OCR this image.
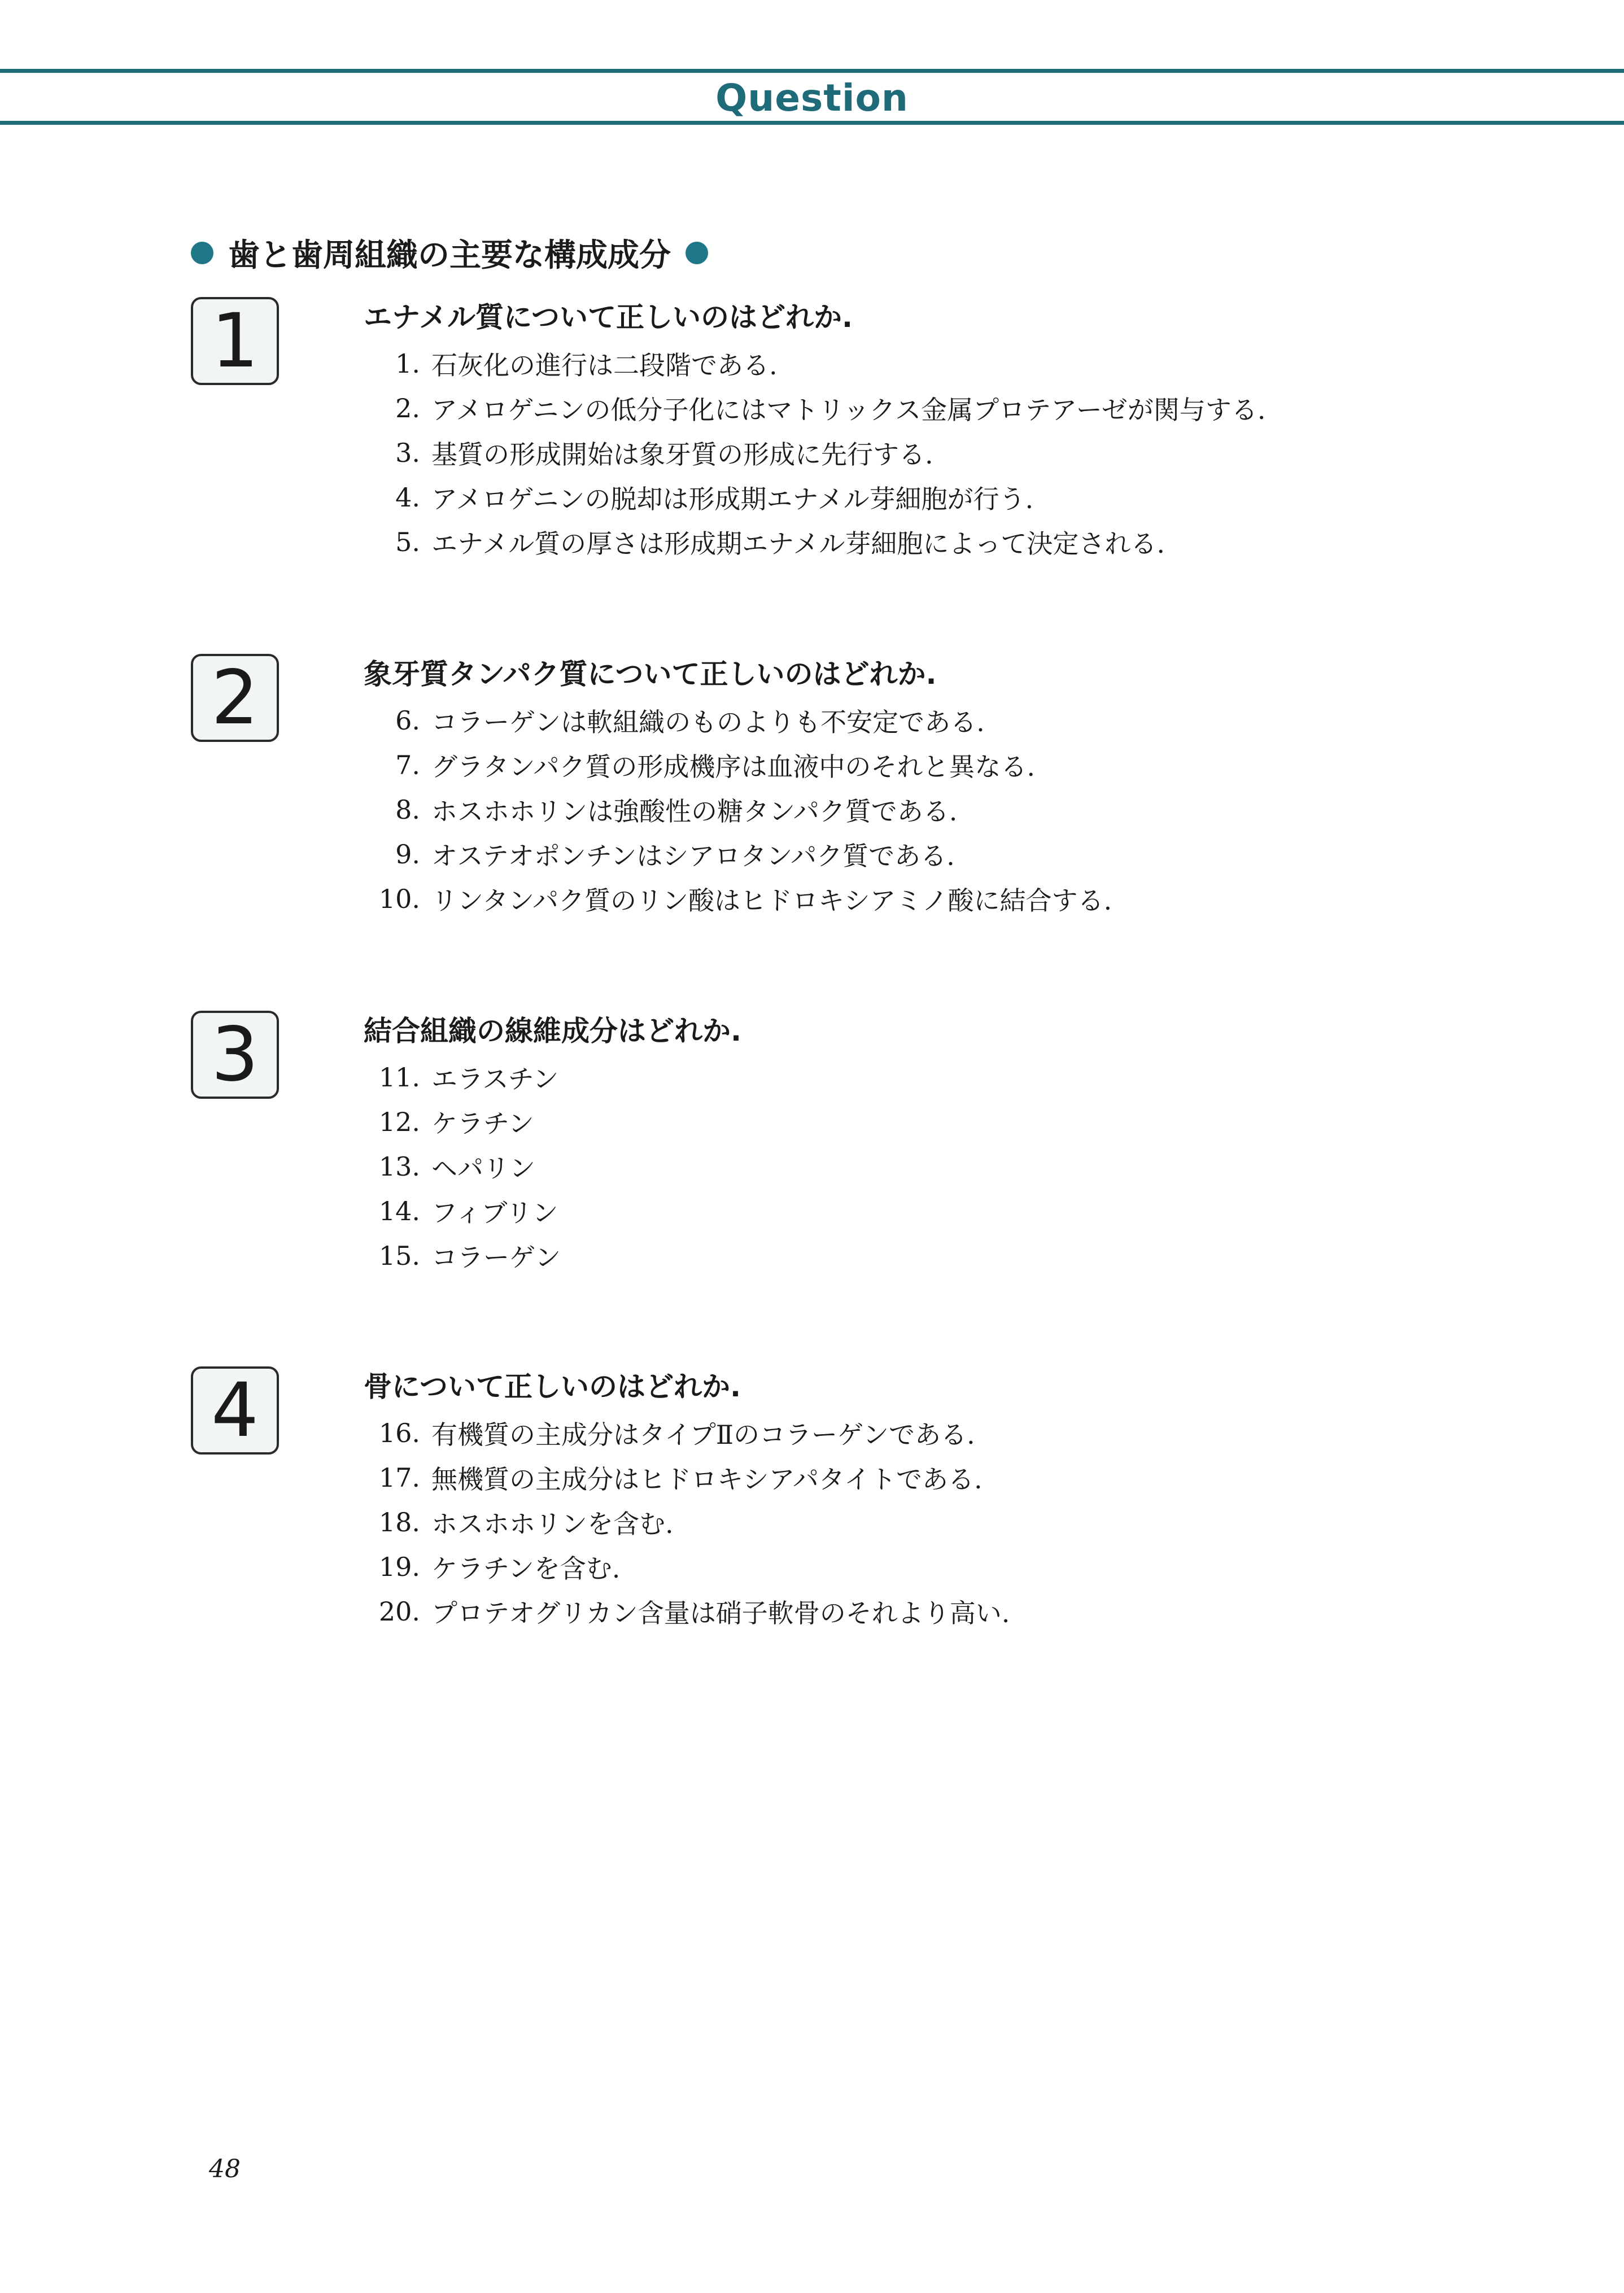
Question
歯と歯周組織の主要な構成成分
1	エナメル質について正しいのはどれか.
1. 石灰化の進行は二段階である.
2. アメロゲニンの低分子化にはマトリックス金属プロテアーゼが関与する.
3. 基質の形成開始は象牙質の形成に先行する.
4. アメロゲニンの脱却は形成期エナメル芽細胞が行う.
5. エナメル質の厚さは形成期エナメル芽細胞によって決定される.
2	象牙質タンパク質について正しいのはどれか.
6. コラーゲンは軟組織のものよりも不安定である.
7. グラタンパク質の形成機序は血液中のそれと異なる.
8. ホスホホリンは強酸性の糖タンパク質である.
9. オステオポンチンはシアロタンパク質である.
10. リンタンパク質のリン酸はヒドロキシアミノ酸に結合する.
3	結合組織の線維成分はどれか.
11. エラスチン
12. ケラチン
13. ヘパリン
14. フィブリン
15. コラーゲン
4	骨について正しいのはどれか.
16. 有機質の主成分はタイプⅡのコラーゲンである.
17. 無機質の主成分はヒドロキシアパタイトである.
18. ホスホホリンを含む.
19. ケラチンを含む.
20. プロテオグリカン含量は硝子軟骨のそれより高い.
48
